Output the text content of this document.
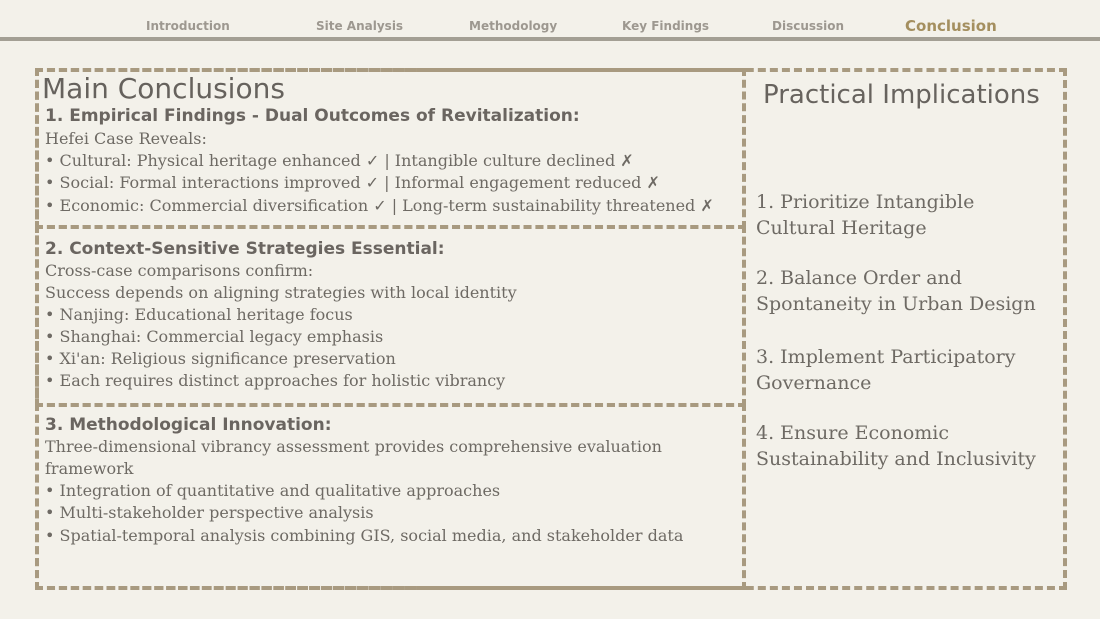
Introduction	Site Analysis	Methodology	Key Findings	Discussion	Conclusion
Main Conclusions
1. Empirical Findings - Dual Outcomes of Revitalization:
Hefei Case Reveals:
• Cultural: Physical heritage enhanced ✓ | Intangible culture declined ✗
• Social: Formal interactions improved ✓ | Informal engagement reduced ✗
• Economic: Commercial diversification ✓ | Long-term sustainability threatened ✗
2. Context-Sensitive Strategies Essential:
Cross-case comparisons confirm:
Success depends on aligning strategies with local identity
• Nanjing: Educational heritage focus
• Shanghai: Commercial legacy emphasis
• Xi'an: Religious significance preservation
• Each requires distinct approaches for holistic vibrancy
3. Methodological Innovation:
Three-dimensional vibrancy assessment provides comprehensive evaluation
framework
• Integration of quantitative and qualitative approaches
• Multi-stakeholder perspective analysis
• Spatial-temporal analysis combining GIS, social media, and stakeholder data
Practical Implications
1. Prioritize Intangible Cultural Heritage
2. Balance Order and Spontaneity in Urban Design
3. Implement Participatory Governance
4. Ensure Economic Sustainability and Inclusivity
